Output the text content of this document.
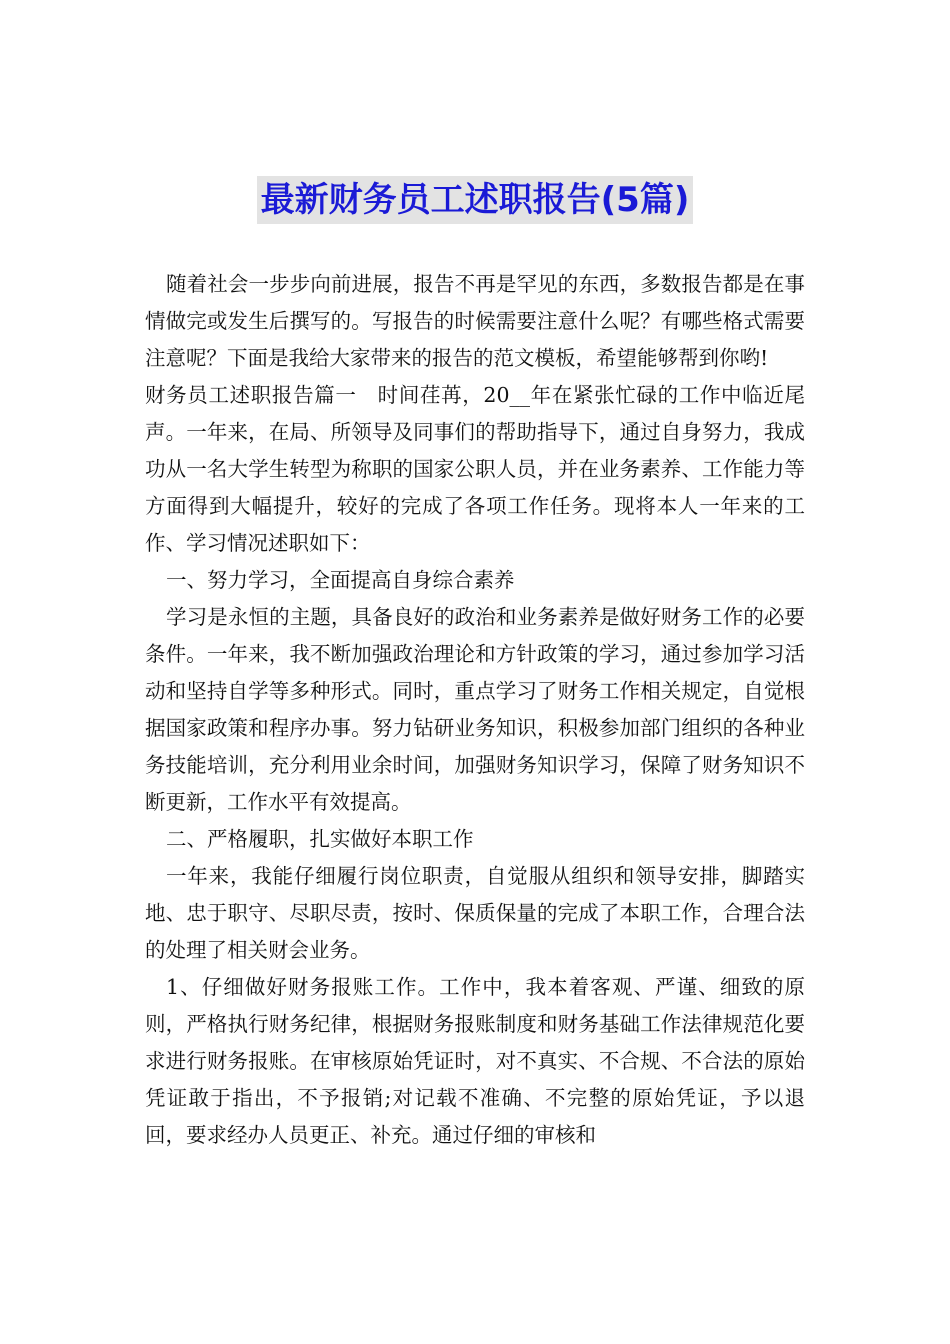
最新财务员工述职报告(5篇)

随着社会一步步向前进展，报告不再是罕见的东西，多数报告都是在事情做完或发生后撰写的。写报告的时候需要注意什么呢？有哪些格式需要注意呢？下面是我给大家带来的报告的范文模板，希望能够帮到你哟!

财务员工述职报告篇一　时间荏苒，20__年在紧张忙碌的工作中临近尾声。一年来，在局、所领导及同事们的帮助指导下，通过自身努力，我成功从一名大学生转型为称职的国家公职人员，并在业务素养、工作能力等方面得到大幅提升，较好的完成了各项工作任务。现将本人一年来的工作、学习情况述职如下：

一、努力学习，全面提高自身综合素养

学习是永恒的主题，具备良好的政治和业务素养是做好财务工作的必要条件。一年来，我不断加强政治理论和方针政策的学习，通过参加学习活动和坚持自学等多种形式。同时，重点学习了财务工作相关规定，自觉根据国家政策和程序办事。努力钻研业务知识，积极参加部门组织的各种业务技能培训，充分利用业余时间，加强财务知识学习，保障了财务知识不断更新，工作水平有效提高。

二、严格履职，扎实做好本职工作

一年来，我能仔细履行岗位职责，自觉服从组织和领导安排，脚踏实地、忠于职守、尽职尽责，按时、保质保量的完成了本职工作，合理合法的处理了相关财会业务。

1、仔细做好财务报账工作。工作中，我本着客观、严谨、细致的原则，严格执行财务纪律，根据财务报账制度和财务基础工作法律规范化要求进行财务报账。在审核原始凭证时，对不真实、不合规、不合法的原始凭证敢于指出，不予报销;对记载不准确、不完整的原始凭证，予以退回，要求经办人员更正、补充。通过仔细的审核和
